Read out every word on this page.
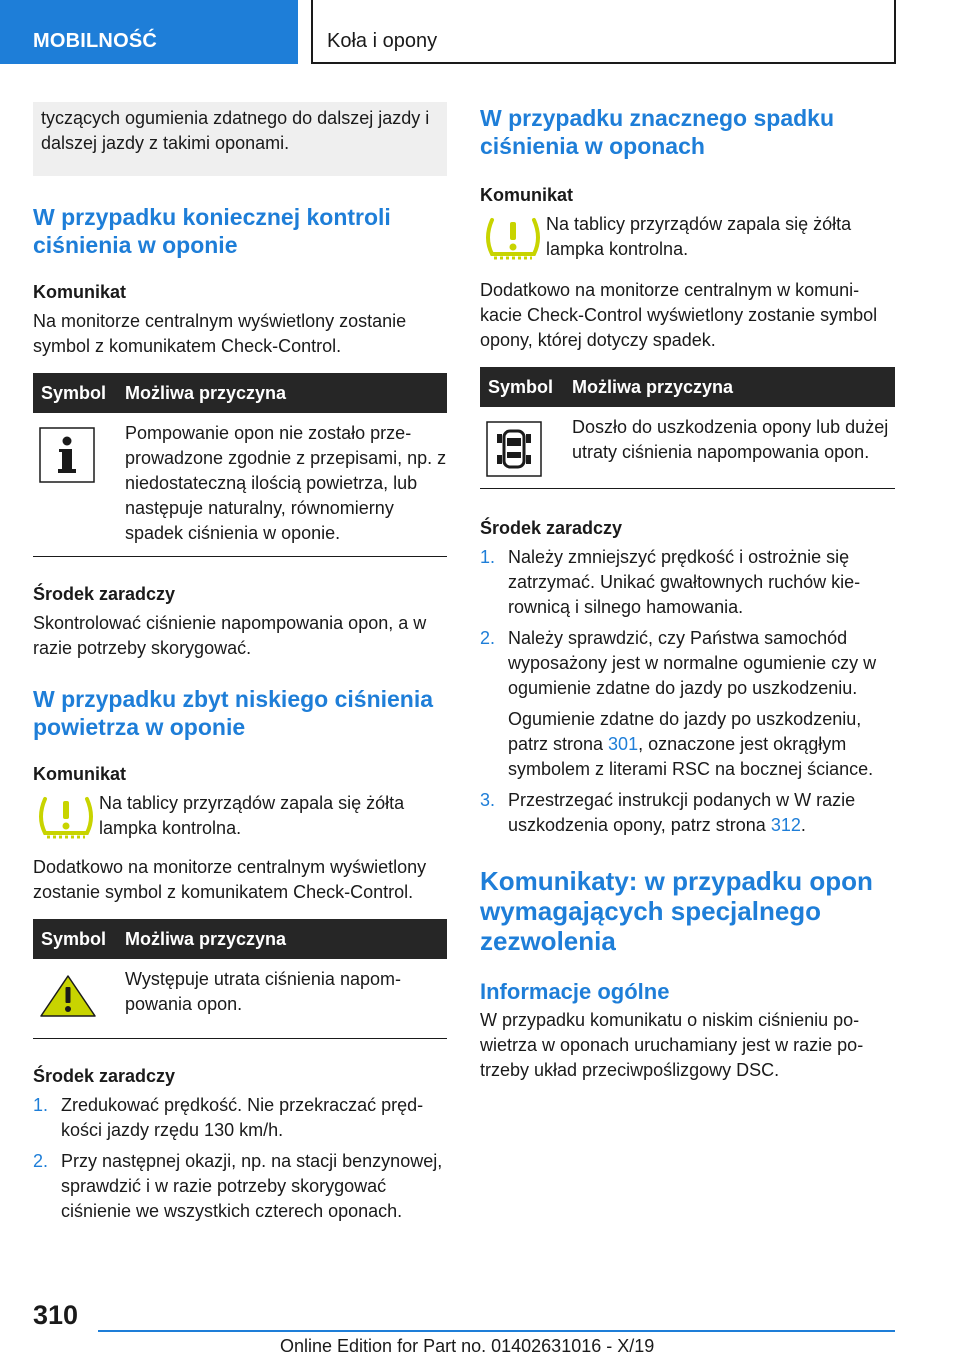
MOBILNOŚĆ	Koła i opony

tyczących ogumienia zdatnego do dalszej jazdy i dalszej jazdy z takimi oponami.

W przypadku koniecznej kontroli ciśnienia w oponie
Komunikat

Na monitorze centralnym wyświetlony zostanie symbol z komunikatem Check-Control.

Symbol	Możliwa przyczyna
Pompowanie opon nie zostało przeprowadzone zgodnie z przepisami, np. z niedostateczną ilością powietrza, lub następuje naturalny, równomierny spadek ciśnienia w oponie.
Środek zaradczy

Skontrolować ciśnienie napompowania opon, a w razie potrzeby skorygować.

W przypadku zbyt niskiego ciśnienia powietrza w oponie
Komunikat
Na tablicy przyrządów zapala się żółta lampka kontrolna.

Dodatkowo na monitorze centralnym wyświetlony zostanie symbol z komunikatem Check-Control.

Symbol	Możliwa przyczyna
Występuje utrata ciśnienia napompowania opon.
Środek zaradczy
1. Zredukować prędkość. Nie przekraczać prędkości jazdy rzędu 130 km/h.
2. Przy następnej okazji, np. na stacji benzynowej, sprawdzić i w razie potrzeby skorygować ciśnienie we wszystkich czterech oponach.
W przypadku znacznego spadku ciśnienia w oponach
Komunikat
Na tablicy przyrządów zapala się żółta lampka kontrolna.

Dodatkowo na monitorze centralnym w komunikacie Check-Control wyświetlony zostanie symbol opony, której dotyczy spadek.

Symbol	Możliwa przyczyna
Doszło do uszkodzenia opony lub dużej utraty ciśnienia napompowania opon.
Środek zaradczy
1. Należy zmniejszyć prędkość i ostrożnie się zatrzymać. Unikać gwałtownych ruchów kierownicą i silnego hamowania.
2. Należy sprawdzić, czy Państwa samochód wyposażony jest w normalne ogumienie czy w ogumienie zdatne do jazdy po uszkodzeniu.
Ogumienie zdatne do jazdy po uszkodzeniu, patrz strona 301, oznaczone jest okrągłym symbolem z literami RSC na bocznej ściance.
3. Przestrzegać instrukcji podanych w W razie uszkodzenia opony, patrz strona 312.
Komunikaty: w przypadku opon wymagających specjalnego zezwolenia
Informacje ogólne

W przypadku komunikatu o niskim ciśnieniu powietrza w oponach uruchamiany jest w razie potrzeby układ przeciwpoślizgowy DSC.

310
Online Edition for Part no. 01402631016 - X/19
